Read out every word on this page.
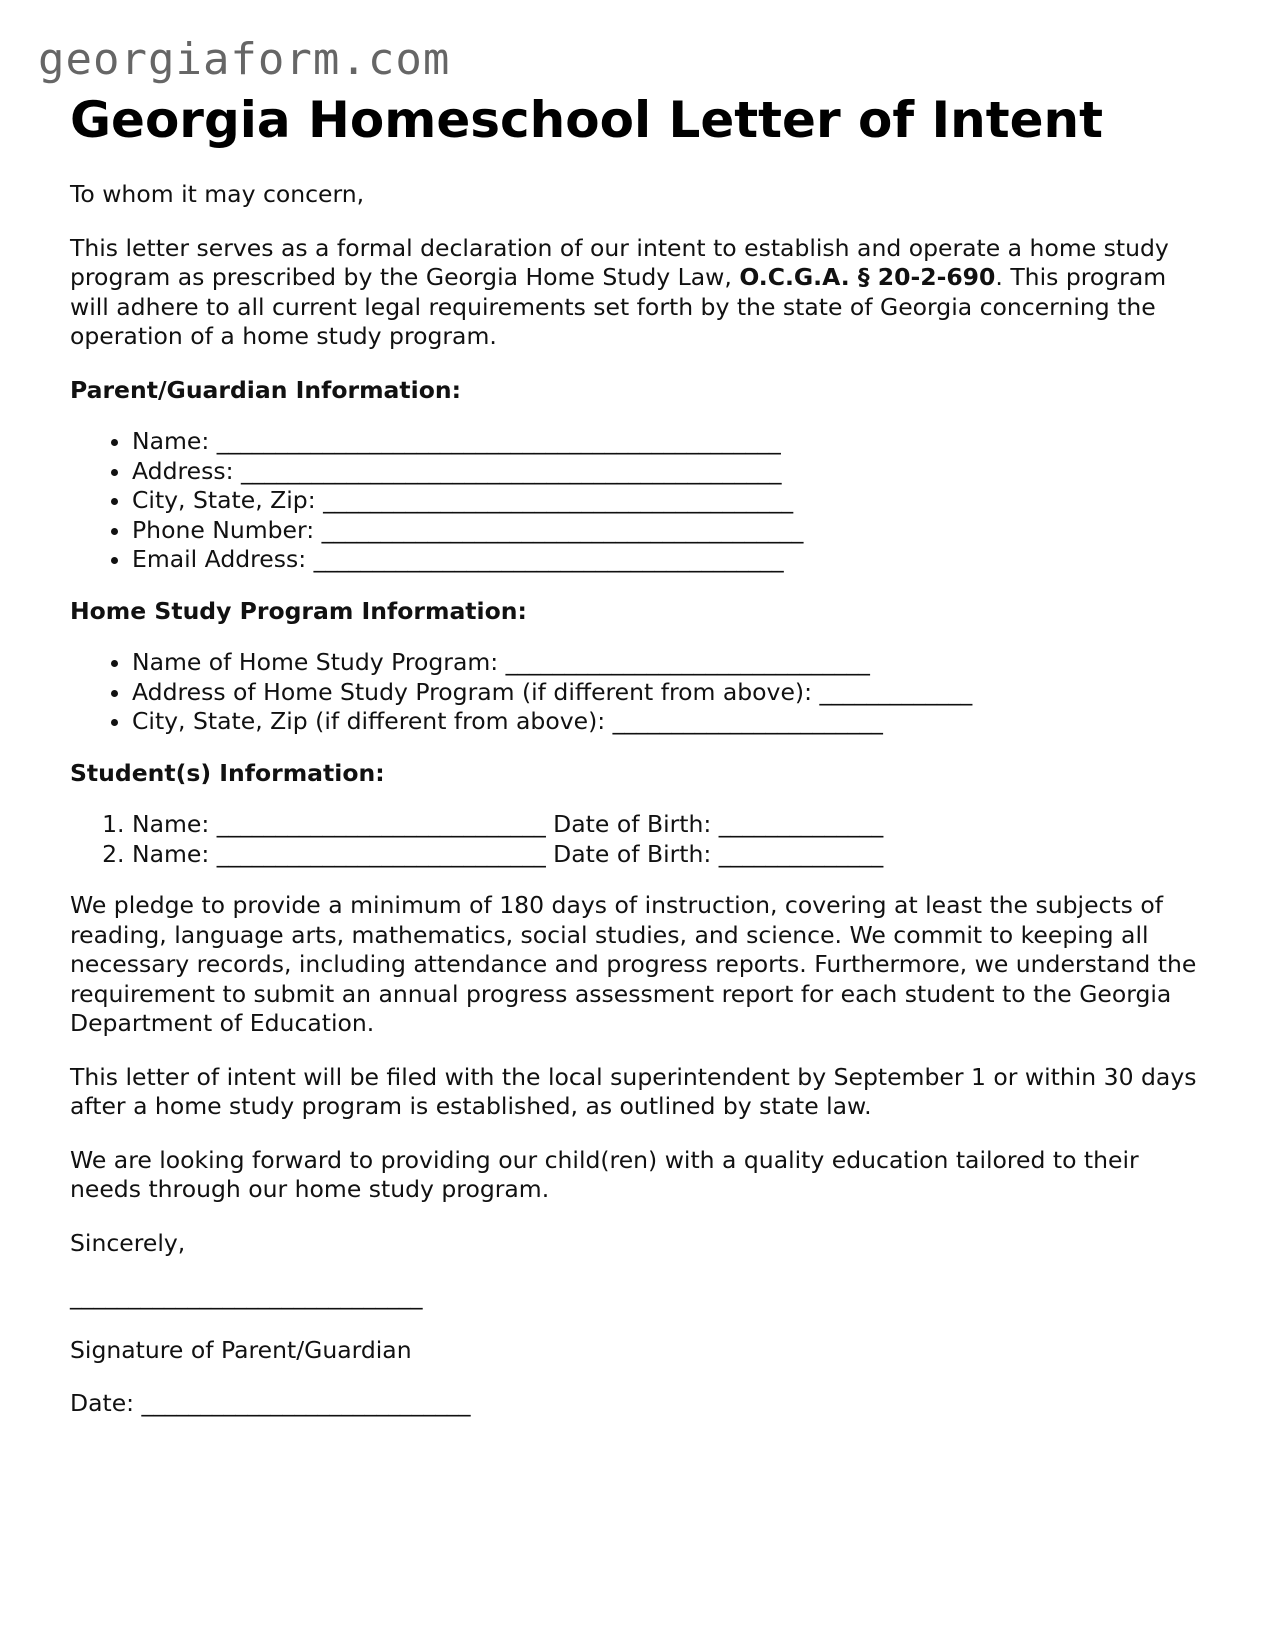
georgiaform.com
Georgia Homeschool Letter of Intent

To whom it may concern,

This letter serves as a formal declaration of our intent to establish and operate a home study program as prescribed by the Georgia Home Study Law, O.C.G.A. § 20-2-690. This program will adhere to all current legal requirements set forth by the state of Georgia concerning the operation of a home study program.

Parent/Guardian Information:

• Name: ________________________________________________
• Address: ______________________________________________
• City, State, Zip: ________________________________________
• Phone Number: _________________________________________
• Email Address: ________________________________________

Home Study Program Information:

• Name of Home Study Program: _______________________________
• Address of Home Study Program (if different from above): _____________
• City, State, Zip (if different from above): _______________________

Student(s) Information:

1. Name: ____________________________ Date of Birth: ______________
2. Name: ____________________________ Date of Birth: ______________

We pledge to provide a minimum of 180 days of instruction, covering at least the subjects of reading, language arts, mathematics, social studies, and science. We commit to keeping all necessary records, including attendance and progress reports. Furthermore, we understand the requirement to submit an annual progress assessment report for each student to the Georgia Department of Education.

This letter of intent will be filed with the local superintendent by September 1 or within 30 days after a home study program is established, as outlined by state law.

We are looking forward to providing our child(ren) with a quality education tailored to their needs through our home study program.

Sincerely,

______________________________

Signature of Parent/Guardian

Date: ____________________________
